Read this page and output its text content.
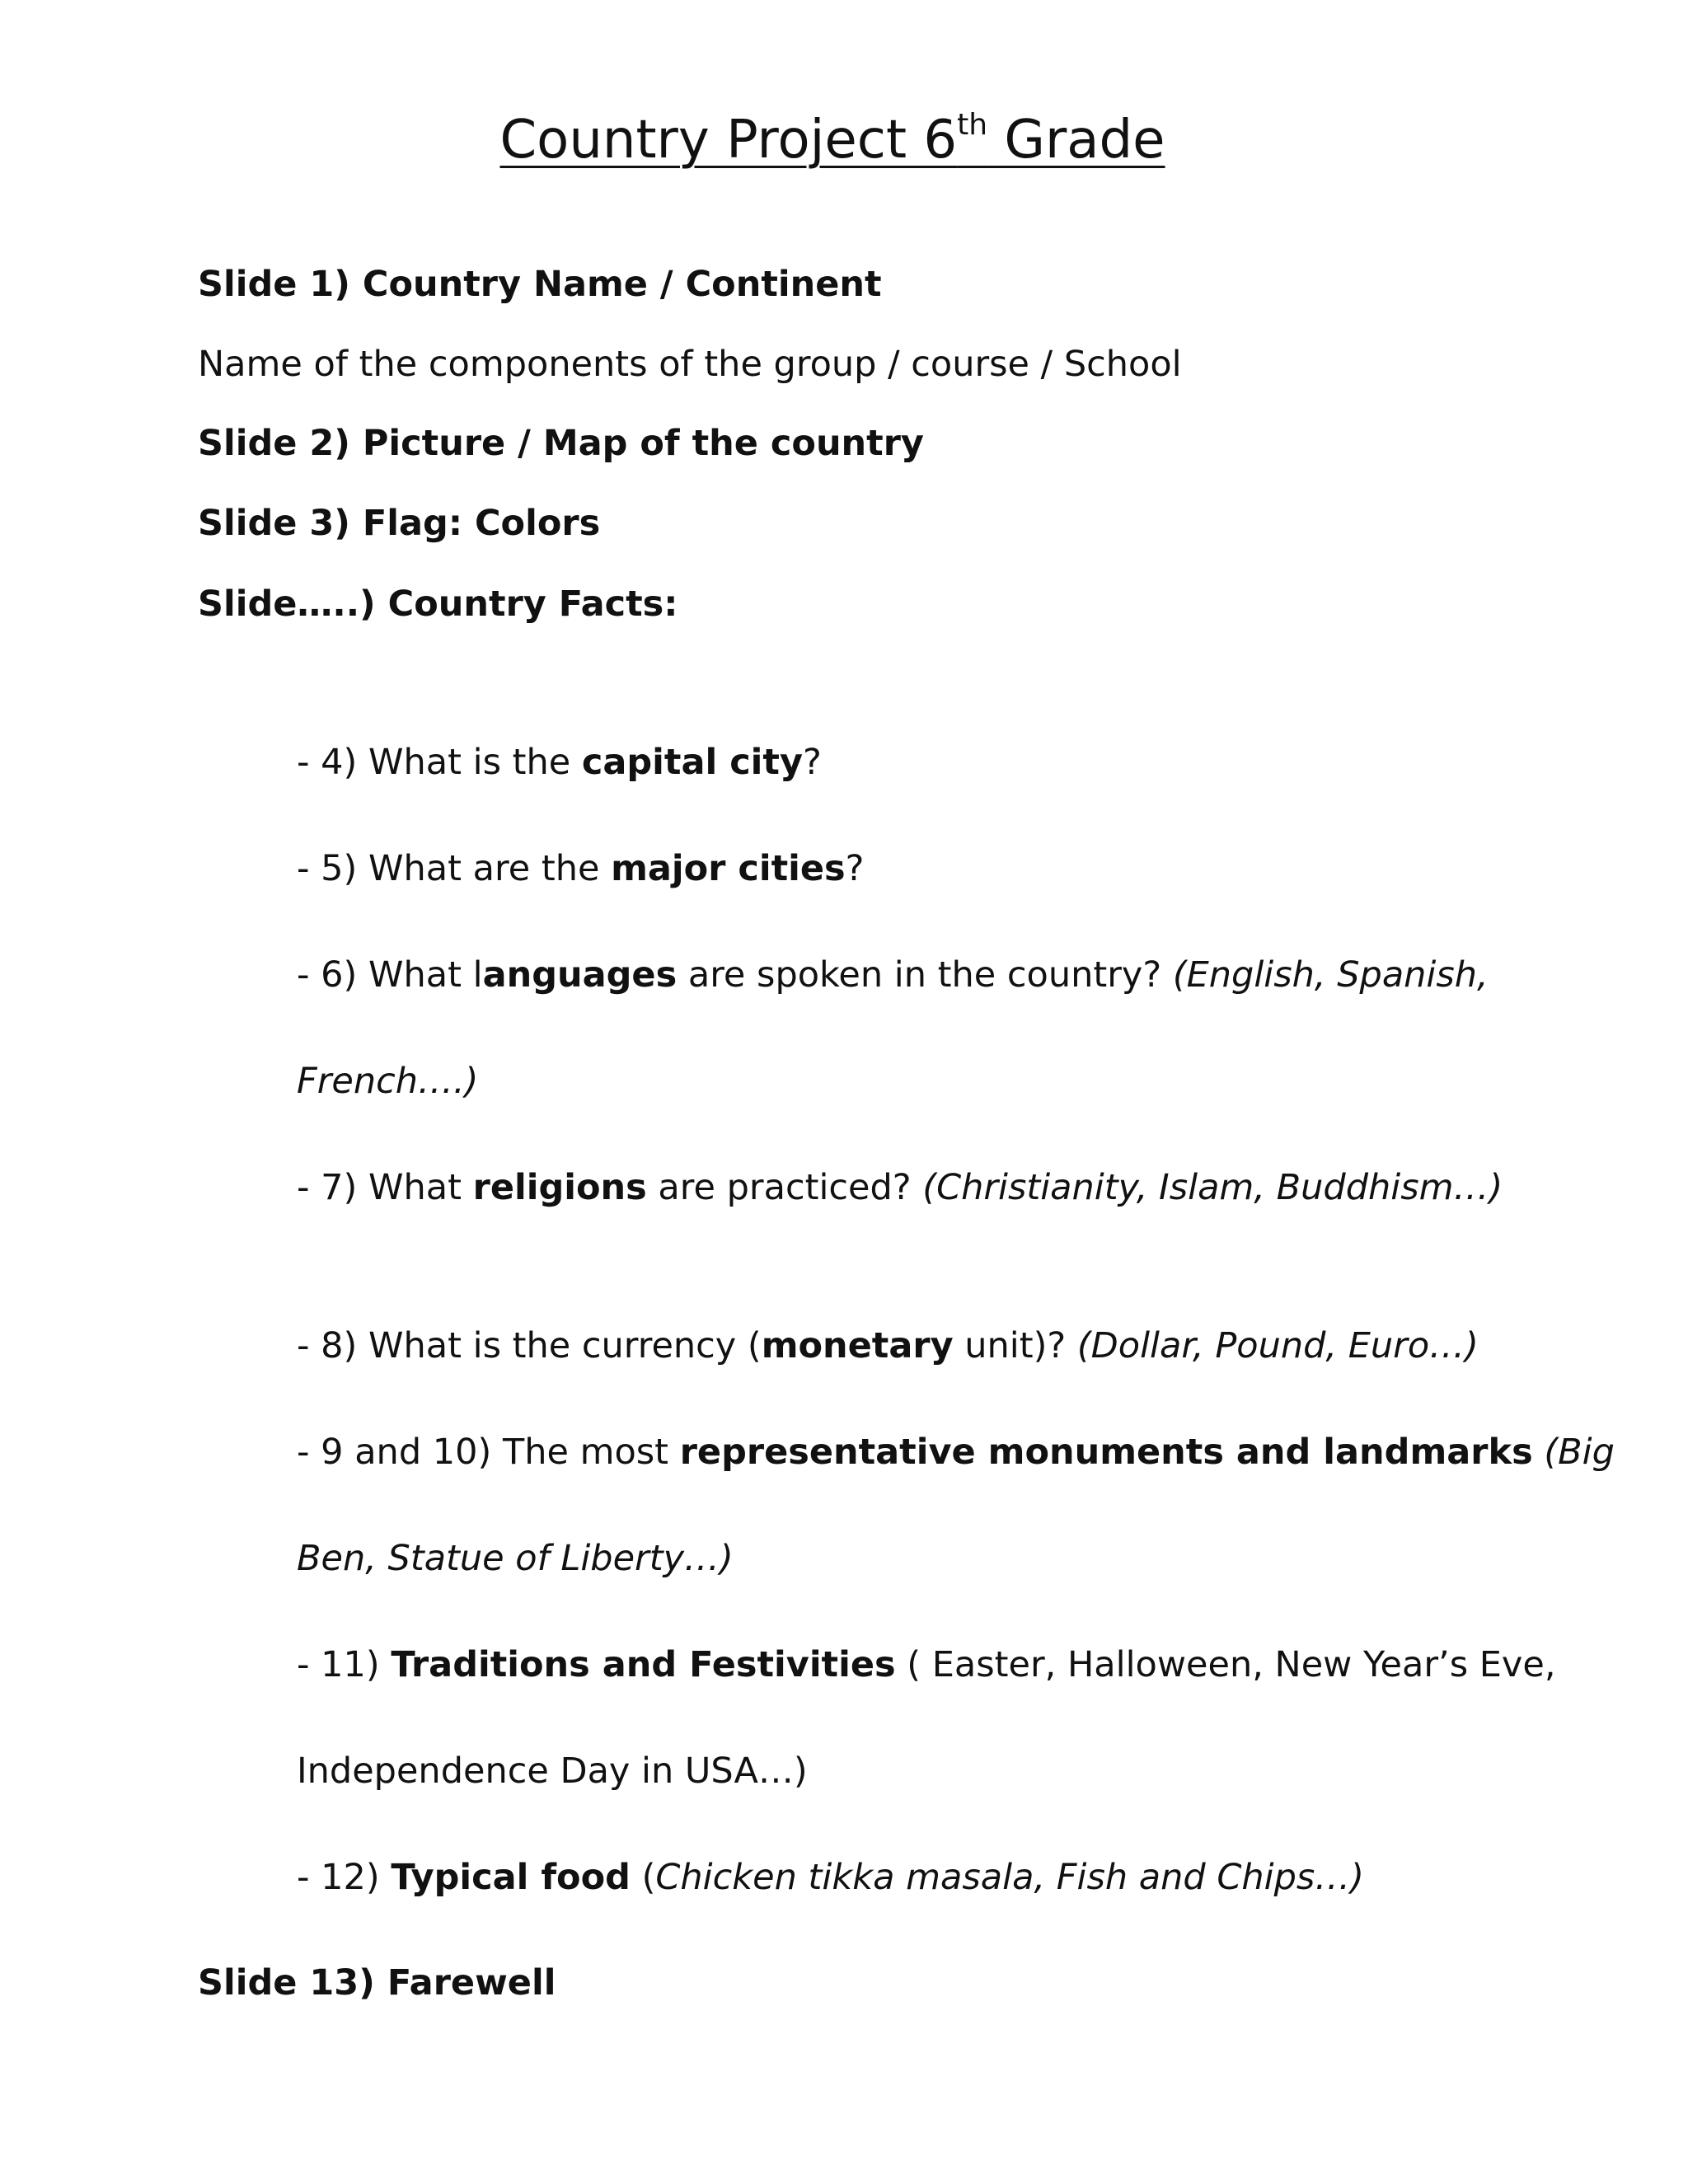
Country Project 6th Grade
Slide 1) Country Name / Continent
Name of the components of the group / course / School
Slide 2) Picture / Map of the country
Slide 3) Flag: Colors
Slide…..) Country Facts:
- 4) What is the capital city?
- 5) What are the major cities?
- 6) What languages are spoken in the country? (English, Spanish,
French….)
- 7) What religions are practiced? (Christianity, Islam, Buddhism…)
- 8) What is the currency (monetary unit)? (Dollar, Pound, Euro…)
- 9 and 10) The most representative monuments and landmarks (Big
Ben, Statue of Liberty…)
- 11) Traditions and Festivities ( Easter, Halloween, New Year’s Eve,
Independence Day in USA…)
- 12) Typical food (Chicken tikka masala, Fish and Chips…)
Slide 13) Farewell
